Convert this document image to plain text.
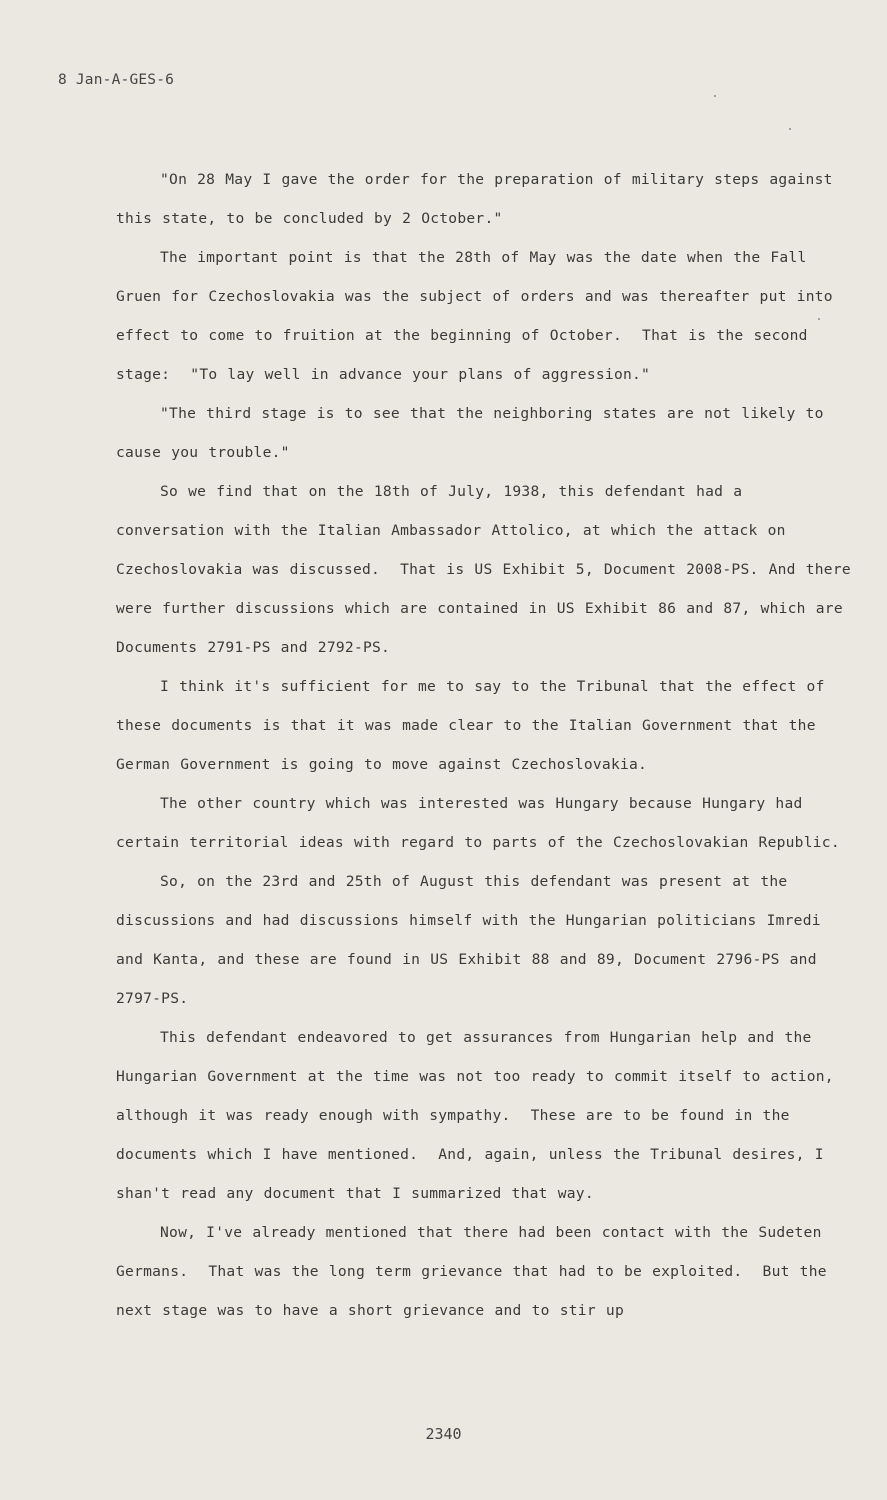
8 Jan-A-GES-6

"On 28 May I gave the order for the preparation of military steps against this state, to be concluded by 2 October."

The important point is that the 28th of May was the date when the Fall Gruen for Czechoslovakia was the subject of orders and was thereafter put into effect to come to fruition at the beginning of October.  That is the second stage:  "To lay well in advance your plans of aggression."

"The third stage is to see that the neighboring states are not likely to cause you trouble."

So we find that on the 18th of July, 1938, this defendant had a conversation with the Italian Ambassador Attolico, at which the attack on Czechoslovakia was discussed.  That is US Exhibit 5, Document 2008-PS. And there were further discussions which are contained in US Exhibit 86 and 87, which are Documents 2791-PS and 2792-PS.

I think it's sufficient for me to say to the Tribunal that the effect of these documents is that it was made clear to the Italian Government that the German Government is going to move against Czechoslovakia.

The other country which was interested was Hungary because Hungary had certain territorial ideas with regard to parts of the Czechoslovakian Republic.

So, on the 23rd and 25th of August this defendant was present at the discussions and had discussions himself with the Hungarian politicians Imredi and Kanta, and these are found in US Exhibit 88 and 89, Document 2796-PS and 2797-PS.

This defendant endeavored to get assurances from Hungarian help and the Hungarian Government at the time was not too ready to commit itself to action, although it was ready enough with sympathy.  These are to be found in the documents which I have mentioned.  And, again, unless the Tribunal desires, I shan't read any document that I summarized that way.

Now, I've already mentioned that there had been contact with the Sudeten Germans.  That was the long term grievance that had to be exploited.  But the next stage was to have a short grievance and to stir up

2340
